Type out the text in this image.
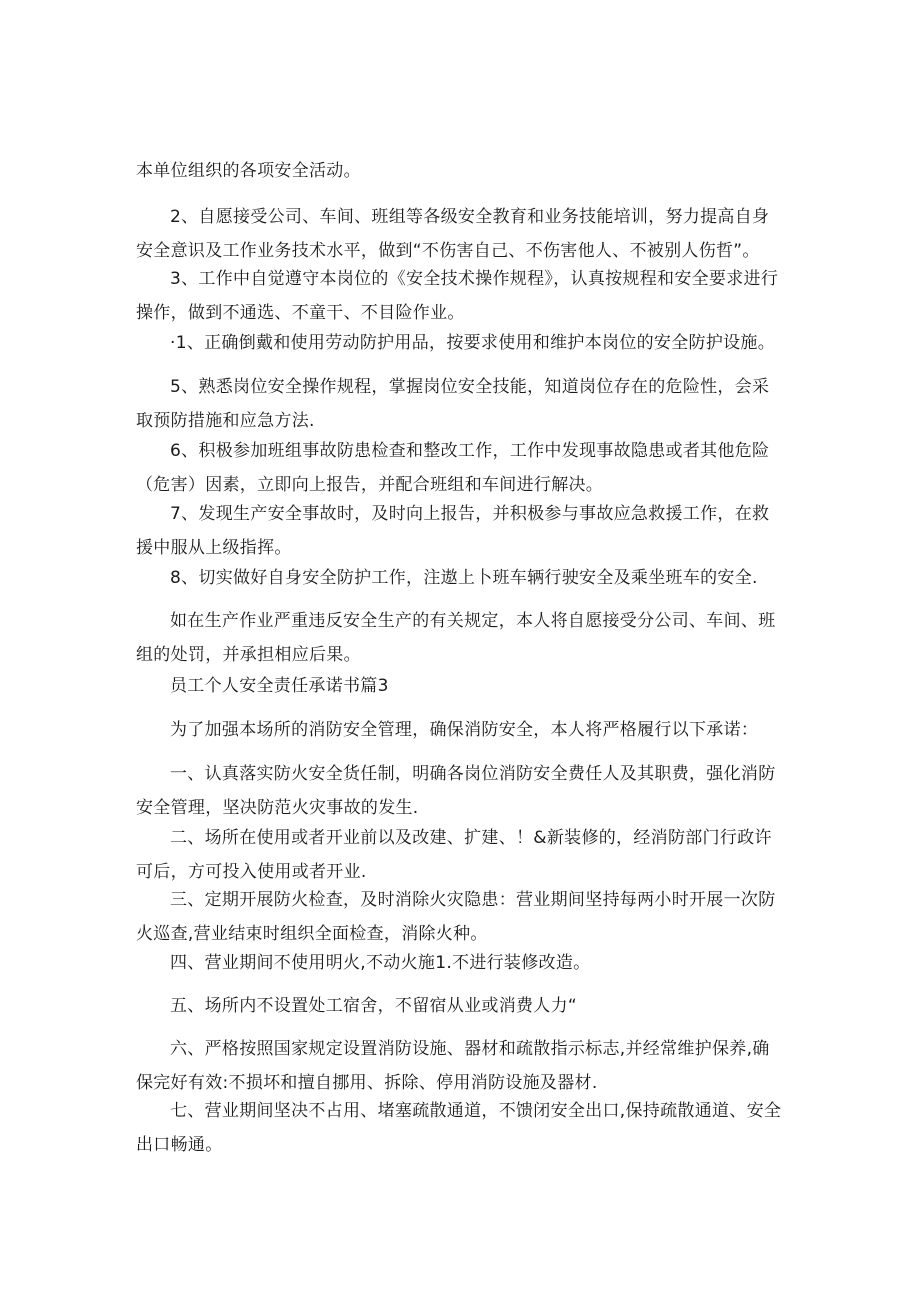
本单位组织的各项安全活动。

2、自愿接受公司、车间、班组等各级安全教育和业务技能培训，努力提高自身安全意识及工作业务技术水平，做到“不伤害自己、不伤害他人、不被别人伤哲”。

3、工作中自觉遵守本岗位的《安全技术操作规程》，认真按规程和安全要求进行操作，做到不通选、不童干、不目险作业。

·1、正确倒戴和使用劳动防护用品，按要求使用和维护本岗位的安全防护设施。

5、熟悉岗位安全操作规程，掌握岗位安全技能，知道岗位存在的危险性，会采取预防措施和应急方法.

6、积极参加班组事故防患检查和整改工作，工作中发现事故隐患或者其他危险（危害）因素，立即向上报告，并配合班组和车间进行解决。

7、发现生产安全事故时，及时向上报告，并积极参与事故应急救援工作，在救援中服从上级指挥。

8、切实做好自身安全防护工作，注遨上卜班车辆行驶安全及乘坐班车的安全.

如在生产作业严重违反安全生产的有关规定，本人将自愿接受分公司、车间、班组的处罚，并承担相应后果。

员工个人安全责任承诺书篇3

为了加强本场所的消防安全管理，确保消防安全，本人将严格履行以下承诺：

一、认真落实防火安全货任制，明确各岗位消防安全费任人及其职费，强化消防安全管理，坚决防范火灾事故的发生.

二、场所在使用或者开业前以及改建、扩建、！&新装修的，经消防部门行政许可后，方可投入使用或者开业.

三、定期开展防火检查，及时消除火灾隐患：营业期间坚持每两小时开展一次防火巡查,营业结束时组织全面检查，消除火种。

四、营业期间不使用明火,不动火施1.不进行装修改造。

五、场所内不设置处工宿舍，不留宿从业或消费人力“

六、严格按照国家规定设置消防设施、器材和疏散指示标志,并经常维护保养,确保完好有效:不损坏和擅自挪用、拆除、停用消防设施及器材.

七、营业期间坚决不占用、堵塞疏散通道，不馈闭安全出口,保持疏散通道、安全出口畅通。
